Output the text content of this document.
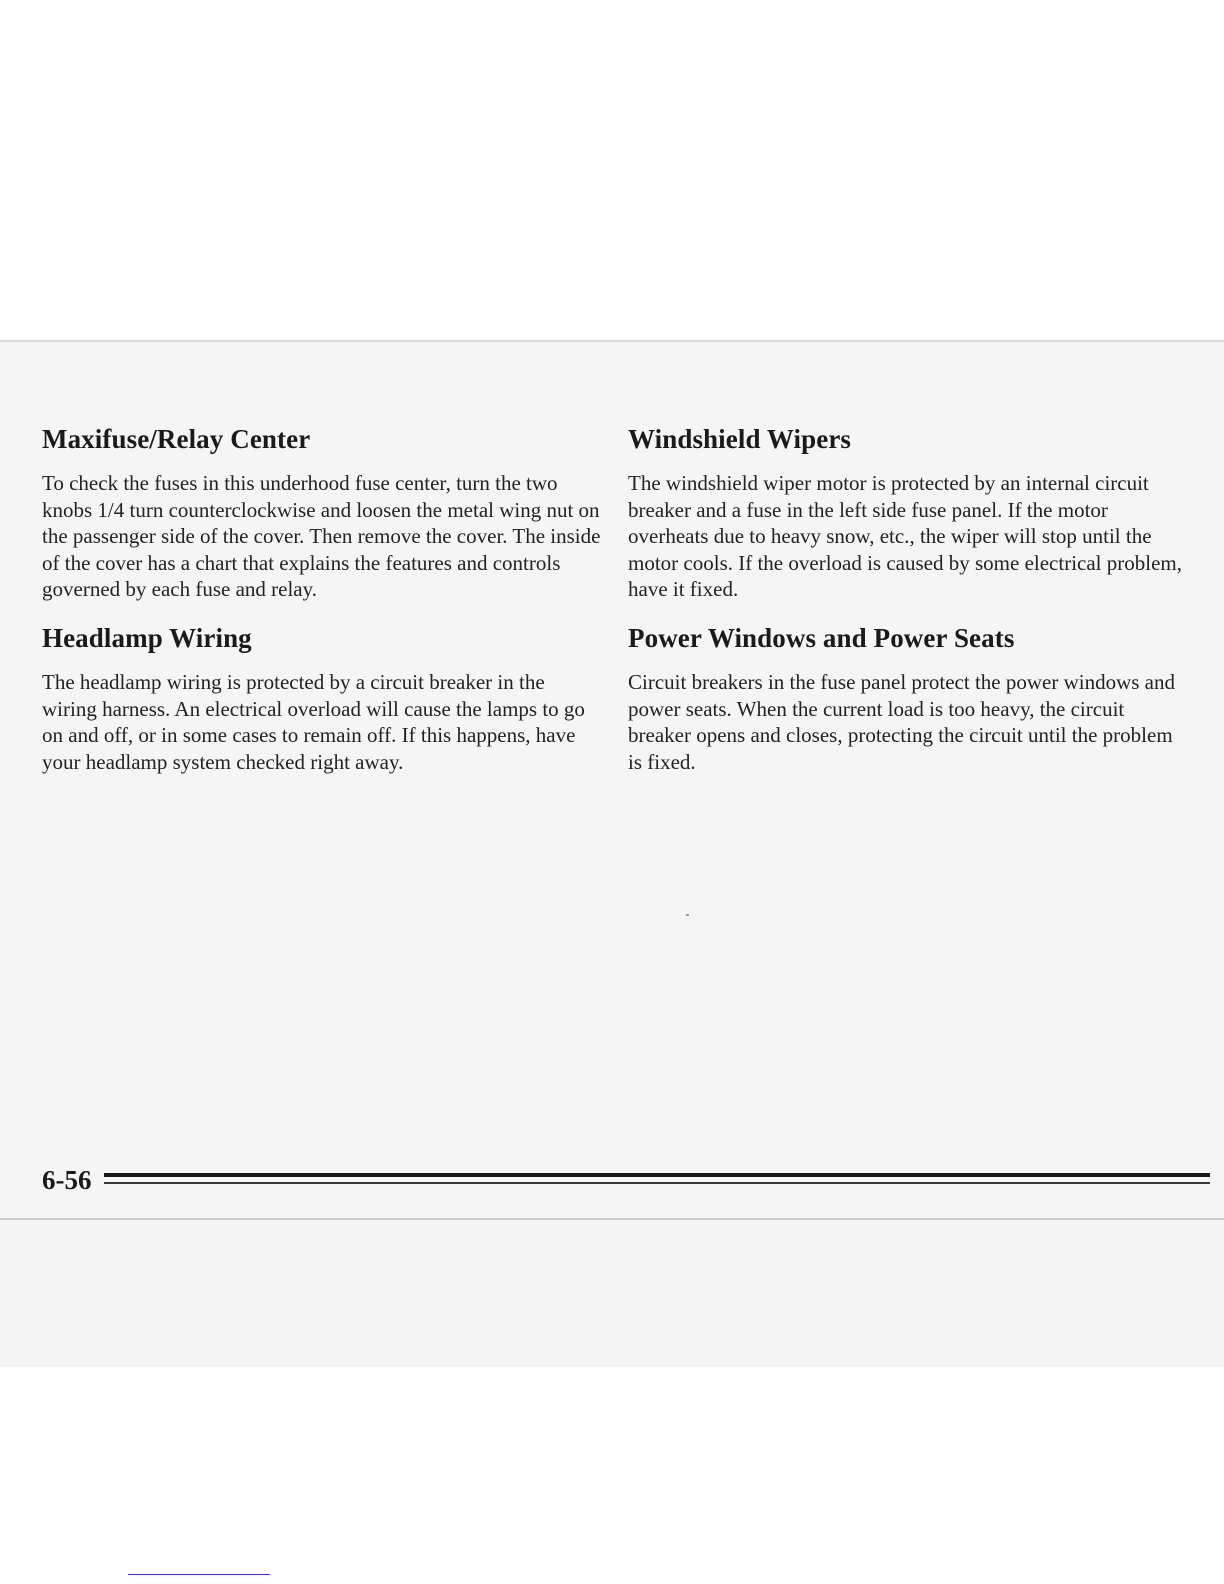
Maxifuse/Relay Center

To check the fuses in this underhood fuse center, turn the two knobs 1/4 turn counterclockwise and loosen the metal wing nut on the passenger side of the cover. Then remove the cover. The inside of the cover has a chart that explains the features and controls governed by each fuse and relay.

Headlamp Wiring

The headlamp wiring is protected by a circuit breaker in the wiring harness. An electrical overload will cause the lamps to go on and off, or in some cases to remain off. If this happens, have your headlamp system checked right away.

Windshield Wipers

The windshield wiper motor is protected by an internal circuit breaker and a fuse in the left side fuse panel. If the motor overheats due to heavy snow, etc., the wiper will stop until the motor cools. If the overload is caused by some electrical problem, have it fixed.

Power Windows and Power Seats

Circuit breakers in the fuse panel protect the power windows and power seats. When the current load is too heavy, the circuit breaker opens and closes, protecting the circuit until the problem is fixed.

6-56
